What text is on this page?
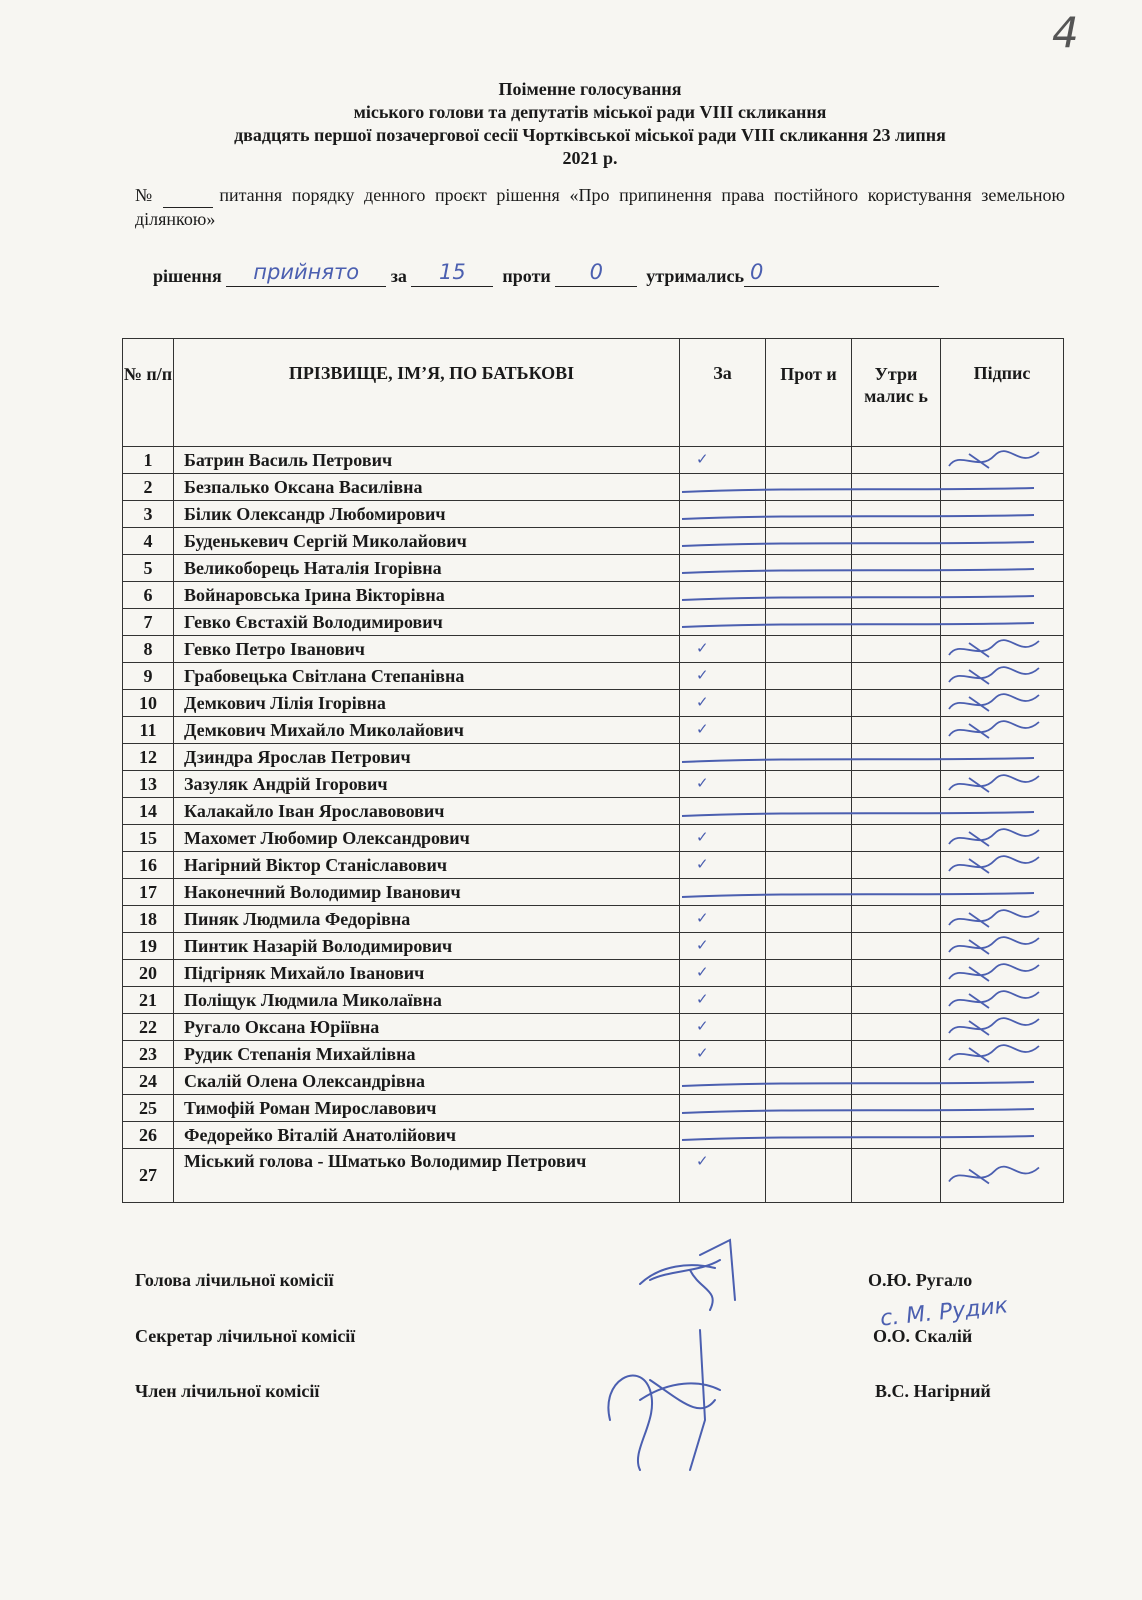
4
Поіменне голосування
міського голови та депутатів міської ради VIII скликання
двадцять першої позачергової сесії Чортківської міської ради VIII скликання 23 липня
2021 р.
№	питання порядку денного проєкт рішення «Про припинення права постійного користування земельною ділянкою»
рішення	прийнято	за	15	проти	0	утримались 0
№ п/п	ПРІЗВИЩЕ, ІМ’Я, ПО БАТЬКОВІ	За	Прот и	Утри малис ь	Підпис
1	Батрин Василь Петрович	✓			

2	Безпалько Оксана Василівна				
3	Білик Олександр Любомирович				
4	Буденькевич Сергій Миколайович				
5	Великоборець Наталія Ігорівна				
6	Войнаровська Ірина Вікторівна				
7	Гевко Євстахій Володимирович				
8	Гевко Петро Іванович	✓			

9	Грабовецька Світлана Степанівна	✓			

10	Демкович Лілія Ігорівна	✓			

11	Демкович Михайло Миколайович	✓			

12	Дзиндра Ярослав Петрович				
13	Зазуляк Андрій Ігорович	✓			

14	Калакайло Іван Ярославовович				
15	Махомет Любомир Олександрович	✓			

16	Нагірний Віктор Станіславович	✓			

17	Наконечний Володимир Іванович				
18	Пиняк Людмила Федорівна	✓			

19	Пинтик Назарій Володимирович	✓			

20	Підгірняк Михайло Іванович	✓			

21	Поліщук Людмила Миколаївна	✓			

22	Ругало Оксана Юріївна	✓			

23	Рудик Степанія Михайлівна	✓			

24	Скалій Олена Олександрівна				
25	Тимофій Роман Мирославович				
26	Федорейко Віталій Анатолійович				
27	Міський голова - Шматько Володимир Петрович	✓			

Голова лічильної комісії	О.Ю. Ругало
Секретар лічильної комісії	О.О. Скалій
Член лічильної комісії	В.С. Нагірний
с. М. Рудик
